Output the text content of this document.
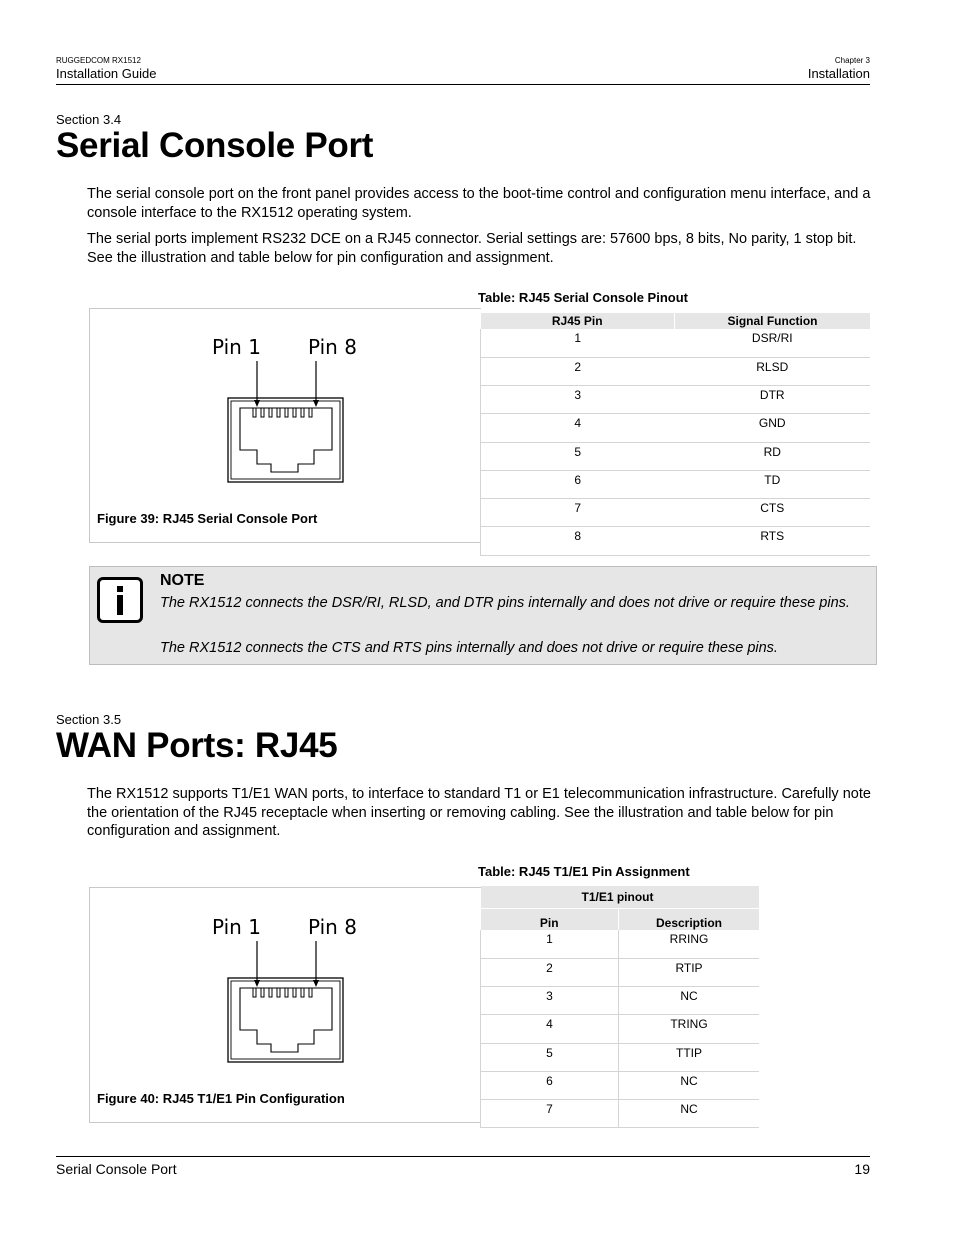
RUGGEDCOM RX1512
Installation Guide
Chapter 3
Installation
Section 3.4
Serial Console Port
The serial console port on the front panel provides access to the boot-time control and configuration menu interface, and a console interface to the RX1512 operating system.
The serial ports implement RS232 DCE on a RJ45 connector. Serial settings are: 57600 bps, 8 bits, No parity, 1 stop bit. See the illustration and table below for pin configuration and assignment.
Table: RJ45 Serial Console Pinout
Pin 1 Pin 8
Figure 39: RJ45 Serial Console Port
RJ45 Pin	Signal Function
1	DSR/RI
2	RLSD
3	DTR
4	GND
5	RD
6	TD
7	CTS
8	RTS
NOTE
The RX1512 connects the DSR/RI, RLSD, and DTR pins internally and does not drive or require these pins.
The RX1512 connects the CTS and RTS pins internally and does not drive or require these pins.
Section 3.5
WAN Ports: RJ45
The RX1512 supports T1/E1 WAN ports, to interface to standard T1 or E1 telecommunication infrastructure. Carefully note the orientation of the RJ45 receptacle when inserting or removing cabling. See the illustration and table below for pin configuration and assignment.
Table: RJ45 T1/E1 Pin Assignment
Pin 1 Pin 8
Figure 40: RJ45 T1/E1 Pin Configuration
T1/E1 pinout	
Pin	Description
1	RRING
2	RTIP
3	NC
4	TRING
5	TTIP
6	NC
7	NC
Serial Console Port	19
